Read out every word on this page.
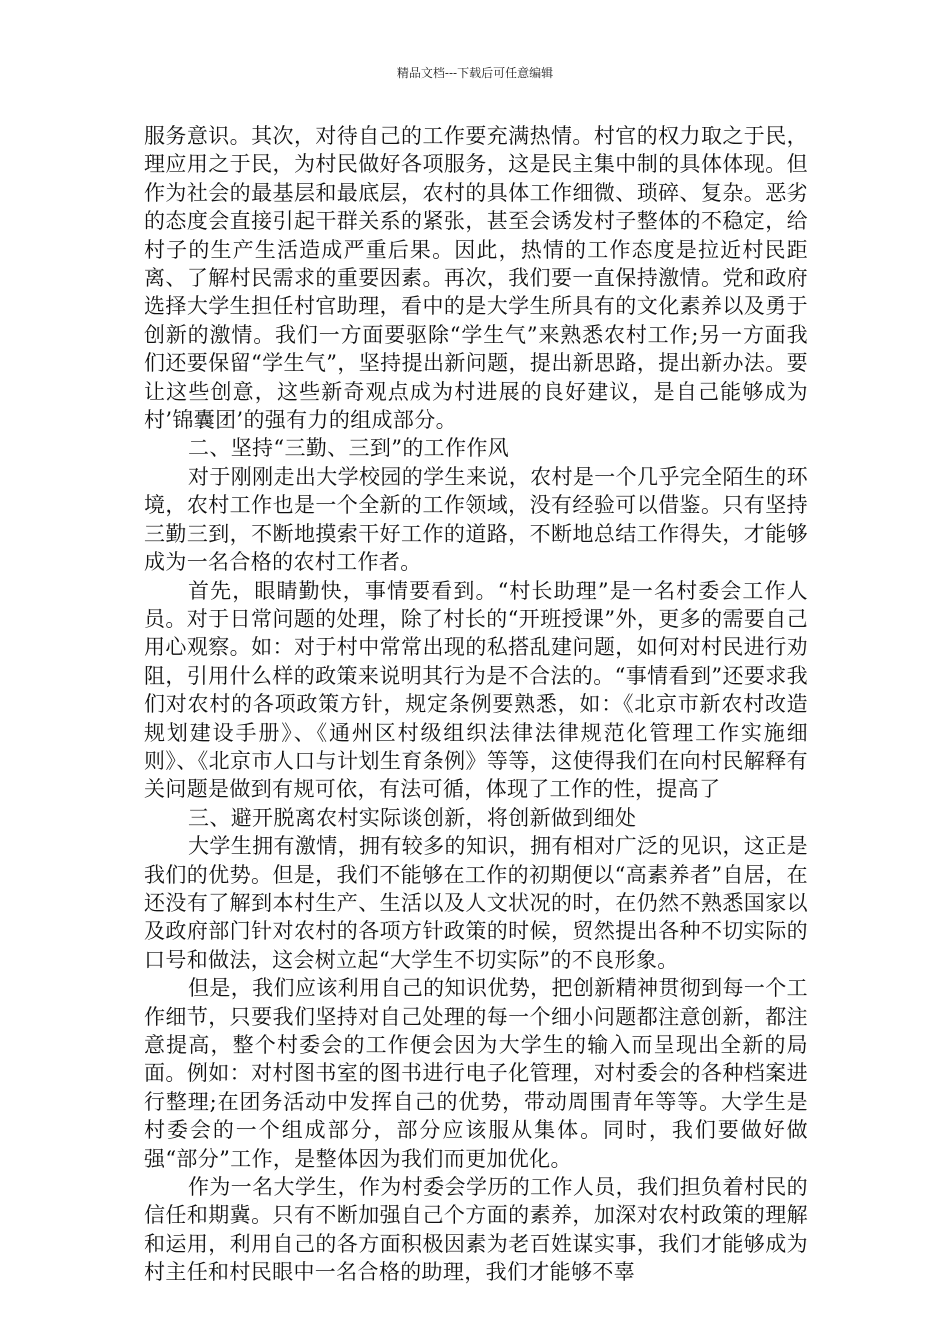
精品文档---下载后可任意编辑

服务意识。其次，对待自己的工作要充满热情。村官的权力取之于民，理应用之于民，为村民做好各项服务，这是民主集中制的具体体现。但作为社会的最基层和最底层，农村的具体工作细微、琐碎、复杂。恶劣的态度会直接引起干群关系的紧张，甚至会诱发村子整体的不稳定，给村子的生产生活造成严重后果。因此，热情的工作态度是拉近村民距离、了解村民需求的重要因素。再次，我们要一直保持激情。党和政府选择大学生担任村官助理，看中的是大学生所具有的文化素养以及勇于创新的激情。我们一方面要驱除“学生气”来熟悉农村工作;另一方面我们还要保留“学生气”，坚持提出新问题，提出新思路，提出新办法。要让这些创意，这些新奇观点成为村进展的良好建议，是自己能够成为村’锦囊团’的强有力的组成部分。

二、坚持“三勤、三到”的工作作风

对于刚刚走出大学校园的学生来说，农村是一个几乎完全陌生的环境，农村工作也是一个全新的工作领域，没有经验可以借鉴。只有坚持三勤三到，不断地摸索干好工作的道路，不断地总结工作得失，才能够成为一名合格的农村工作者。

首先，眼睛勤快，事情要看到。“村长助理”是一名村委会工作人员。对于日常问题的处理，除了村长的“开班授课”外，更多的需要自己用心观察。如：对于村中常常出现的私搭乱建问题，如何对村民进行劝阻，引用什么样的政策来说明其行为是不合法的。“事情看到”还要求我们对农村的各项政策方针，规定条例要熟悉，如：《北京市新农村改造规划建设手册》、《通州区村级组织法律法律规范化管理工作实施细则》、《北京市人口与计划生育条例》等等，这使得我们在向村民解释有关问题是做到有规可依，有法可循，体现了工作的性，提高了

三、避开脱离农村实际谈创新，将创新做到细处

大学生拥有激情，拥有较多的知识，拥有相对广泛的见识，这正是我们的优势。但是，我们不能够在工作的初期便以“高素养者”自居，在还没有了解到本村生产、生活以及人文状况的时，在仍然不熟悉国家以及政府部门针对农村的各项方针政策的时候，贸然提出各种不切实际的口号和做法，这会树立起“大学生不切实际”的不良形象。

但是，我们应该利用自己的知识优势，把创新精神贯彻到每一个工作细节，只要我们坚持对自己处理的每一个细小问题都注意创新，都注意提高，整个村委会的工作便会因为大学生的输入而呈现出全新的局面。例如：对村图书室的图书进行电子化管理，对村委会的各种档案进行整理;在团务活动中发挥自己的优势，带动周围青年等等。大学生是村委会的一个组成部分，部分应该服从集体。同时，我们要做好做强“部分”工作，是整体因为我们而更加优化。

作为一名大学生，作为村委会学历的工作人员，我们担负着村民的信任和期冀。只有不断加强自己个方面的素养，加深对农村政策的理解和运用，利用自己的各方面积极因素为老百姓谋实事，我们才能够成为村主任和村民眼中一名合格的助理，我们才能够不辜
